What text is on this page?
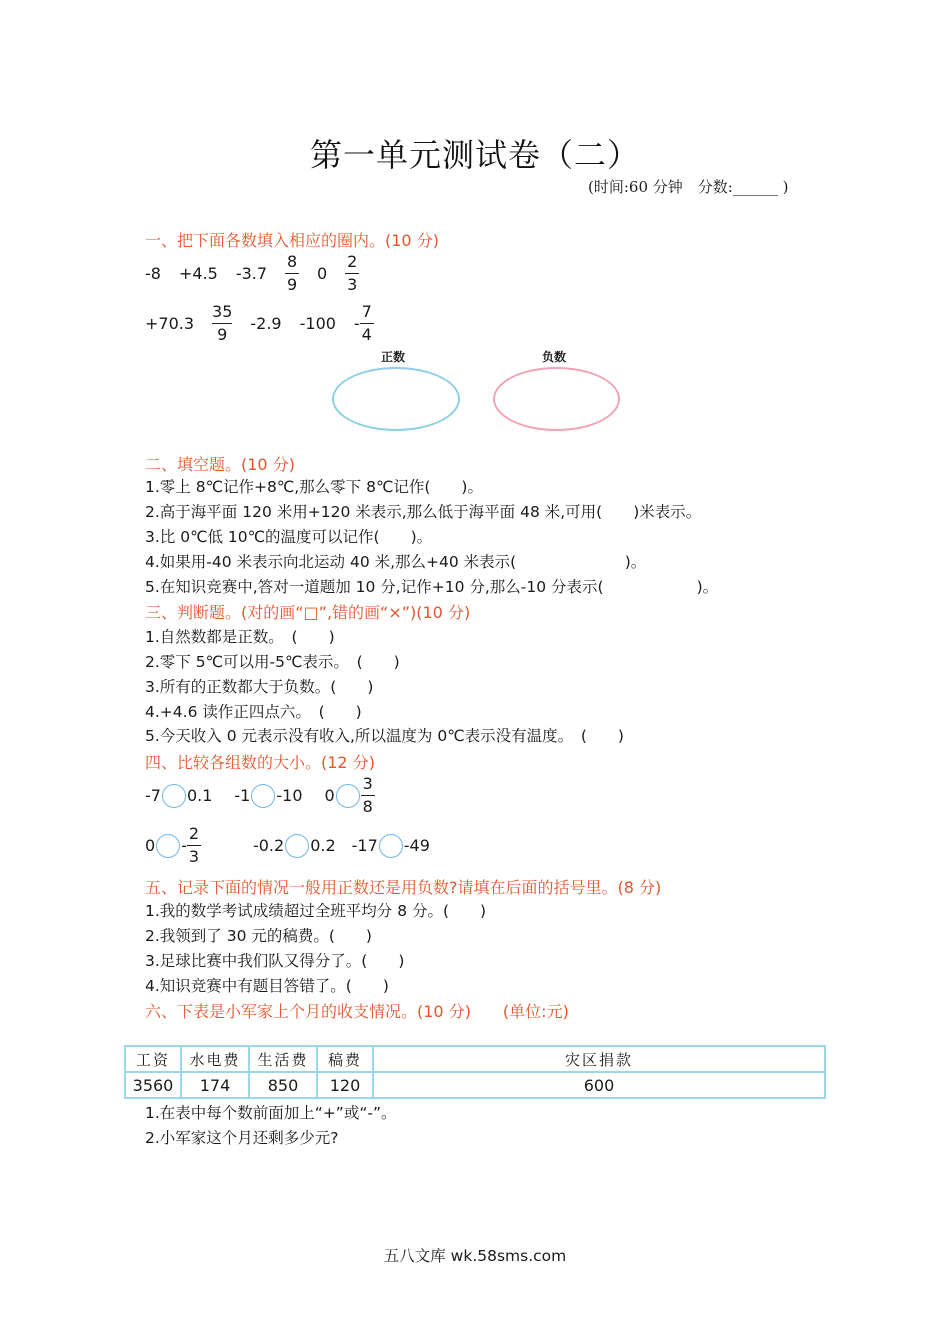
第一单元测试卷（二）
(时间:60 分钟　分数:______ )
一、把下面各数填入相应的圈内。(10 分)
-8 +4.5 $-3.7 \frac{8}{9} 0 \frac{2}{3}$
$+70.3 \frac{35}{9} -2.9$ $-100 - \frac{7}{4}$
正数	负数
二、填空题。(10 分)
1.零上 8℃记作+8℃,那么零下 8℃记作(　　)。
2.高于海平面 120 米用+120 米表示,那么低于海平面 48 米,可用(　　)米表示。
3.比 0℃低 10℃的温度可以记作(　　)。
4.如果用-40 米表示向北运动 40 米,那么+40 米表示(　　　　　　　)。
5.在知识竞赛中,答对一道题加 10 分,记作+10 分,那么-10 分表示(　　　　　　)。
三、判断题。(对的画“□”,错的画“×”)(10 分)
1.自然数都是正数。　(　　)
2.零下 5℃可以用-5℃表示。　(　　)
3.所有的正数都大于负数。(　　)
4.+4.6 读作正四点六。　(　　)
5.今天收入 0 元表示没有收入,所以温度为 0℃表示没有温度。　(　　)
四、比较各组数的大小。(12 分)
-7 0.1 -1 -10 $0 \frac{3}{8}$
$0 - \frac{2}{3}$	-0.2 0.2 -17 -49
五、记录下面的情况一般用正数还是用负数?请填在后面的括号里。(8 分)
1.我的数学考试成绩超过全班平均分 8 分。(　　)
2.我领到了 30 元的稿费。(　　)
3.足球比赛中我们队又得分了。(　　)
4.知识竞赛中有题目答错了。(　　)
六、下表是小军家上个月的收支情况。(10 分)　　(单位:元)
工资	水电费	生活费	稿费	灾区捐款
3560	174	850	120	600
1.在表中每个数前面加上“+”或“-”。
2.小军家这个月还剩多少元?
五八文库 wk.58sms.com
